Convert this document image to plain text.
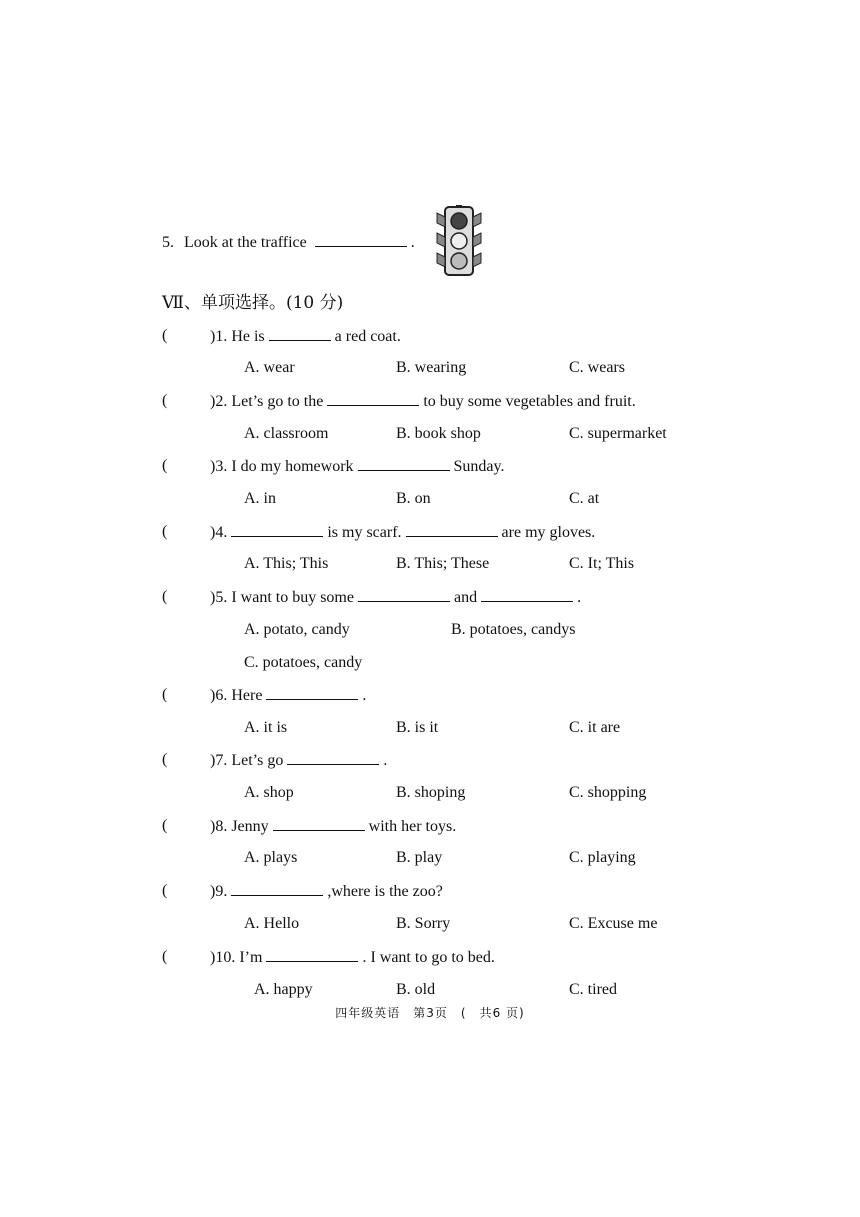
5. Look at the traffice	.
Ⅶ、单项选择。(10 分)
(	)1. He is	a red coat.
A. wear	B. wearing	C. wears
(	)2. Let’s go to the	to buy some vegetables and fruit.
A. classroom	B. book shop	C. supermarket
(	)3. I do my homework	Sunday.
A. in	B. on	C. at
(	)4.	is my scarf.	are my gloves.
A. This; This	B. This; These	C. It; This
(	)5. I want to buy some	and	.
A. potato, candy	B. potatoes, candys
C. potatoes, candy
(	)6. Here	.
A. it is	B. is it	C. it are
(	)7. Let’s go	.
A. shop	B. shoping	C. shopping
(	)8. Jenny	with her toys.
A. plays	B. play	C. playing
(	)9.	,where is the zoo?
A. Hello	B. Sorry	C. Excuse me
(	)10. I’m	. I want to go to bed.
A. happy	B. old	C. tired
四年级英语　第3页　(　共6 页)
